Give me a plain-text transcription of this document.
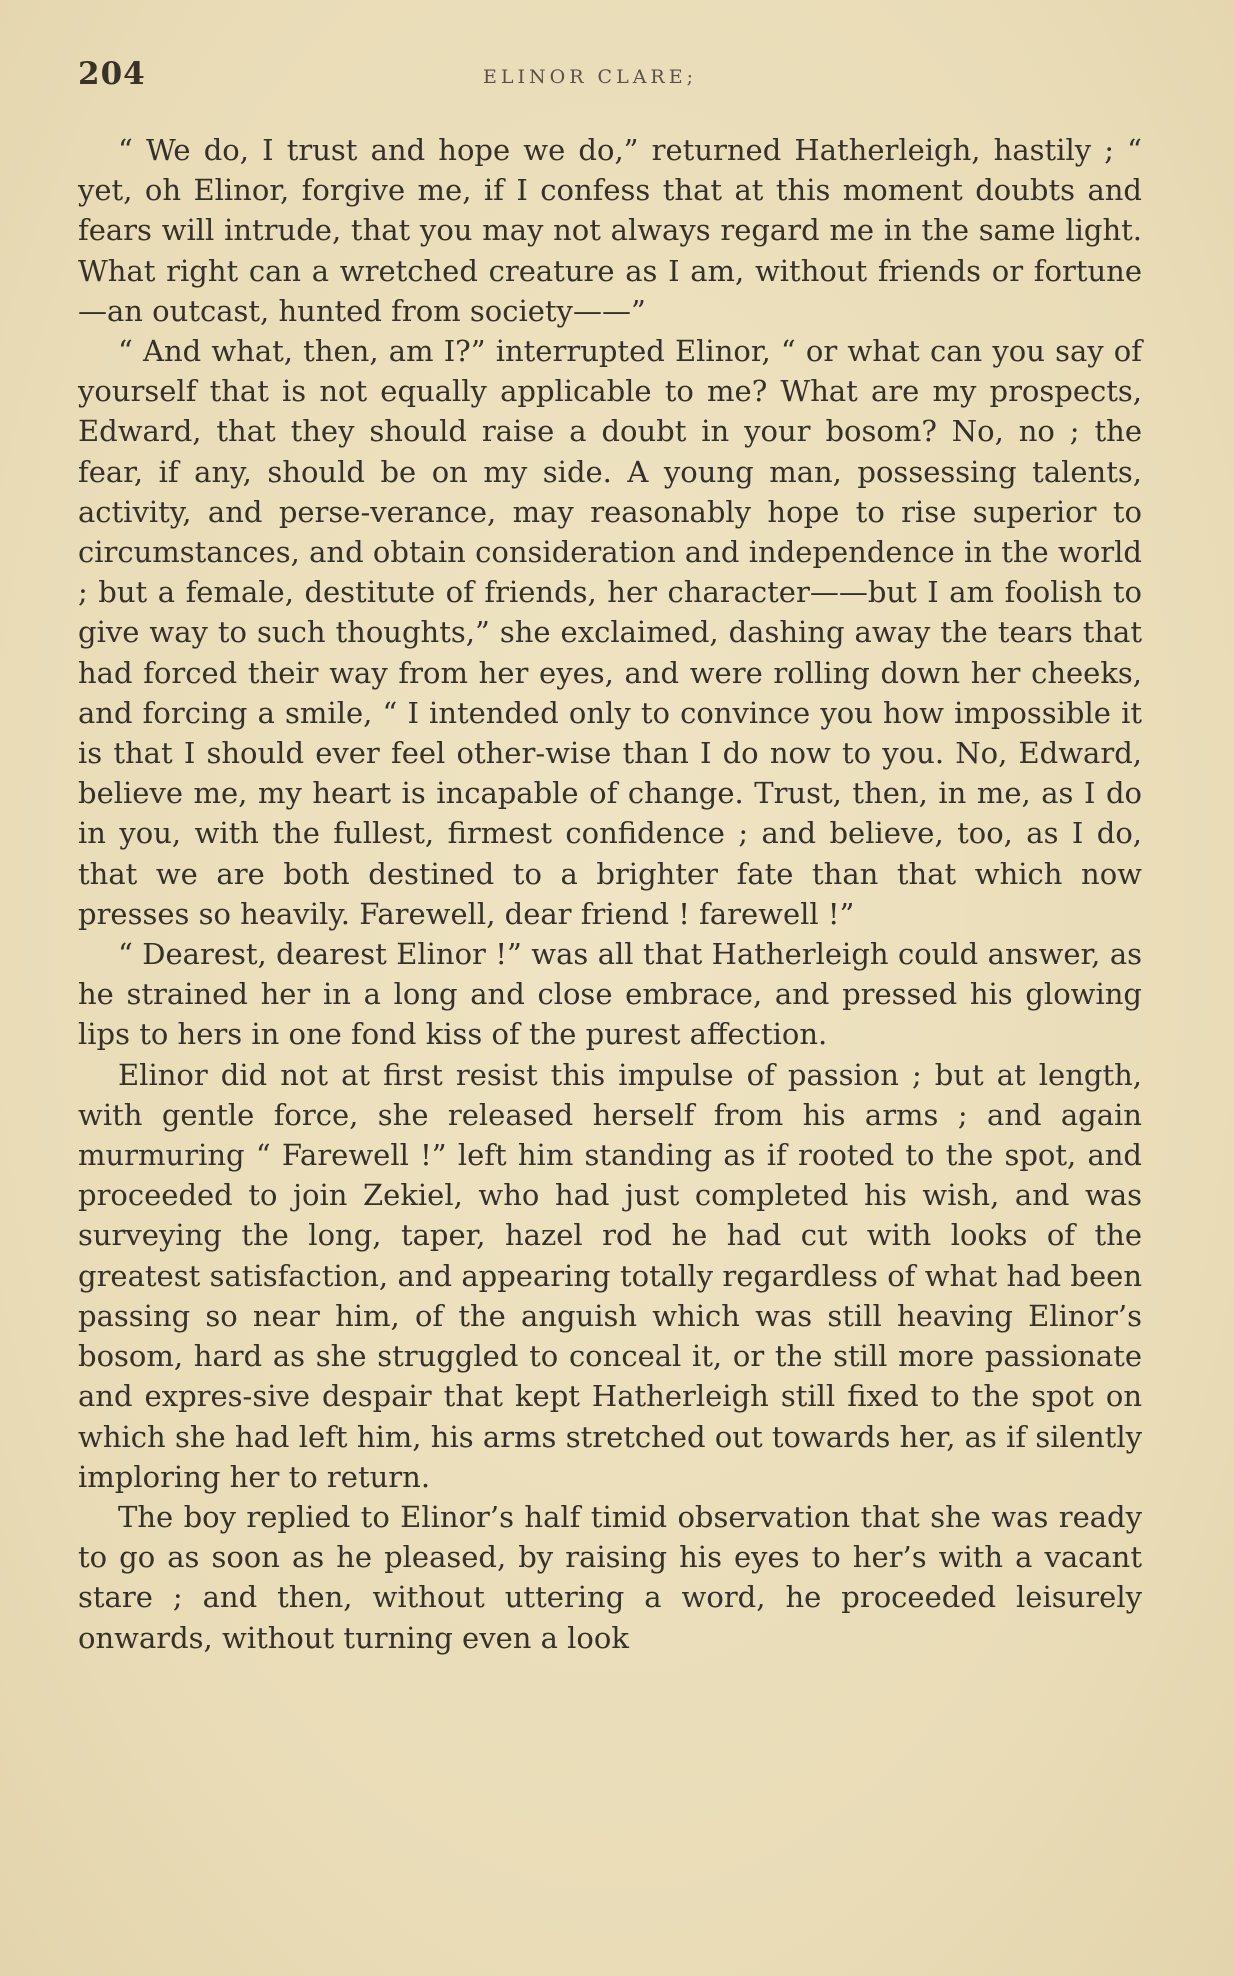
204	ELINOR CLARE;

“ We do, I trust and hope we do,” returned Hatherleigh, hastily ; “ yet, oh Elinor, forgive me, if I confess that at this moment doubts and fears will intrude, that you may not always regard me in the same light. What right can a wretched creature as I am, without friends or fortune—an outcast, hunted from society——”

“ And what, then, am I?” interrupted Elinor, “ or what can you say of yourself that is not equally applicable to me? What are my prospects, Edward, that they should raise a doubt in your bosom? No, no ; the fear, if any, should be on my side. A young man, possessing talents, activity, and perse-verance, may reasonably hope to rise superior to circumstances, and obtain consideration and independence in the world ; but a female, destitute of friends, her character——but I am foolish to give way to such thoughts,” she exclaimed, dashing away the tears that had forced their way from her eyes, and were rolling down her cheeks, and forcing a smile, “ I intended only to convince you how impossible it is that I should ever feel other-wise than I do now to you. No, Edward, believe me, my heart is incapable of change. Trust, then, in me, as I do in you, with the fullest, firmest confidence ; and believe, too, as I do, that we are both destined to a brighter fate than that which now presses so heavily. Farewell, dear friend ! farewell !”

“ Dearest, dearest Elinor !” was all that Hatherleigh could answer, as he strained her in a long and close embrace, and pressed his glowing lips to hers in one fond kiss of the purest affection.

Elinor did not at first resist this impulse of passion ; but at length, with gentle force, she released herself from his arms ; and again murmuring “ Farewell !” left him standing as if rooted to the spot, and proceeded to join Zekiel, who had just completed his wish, and was surveying the long, taper, hazel rod he had cut with looks of the greatest satisfaction, and appearing totally regardless of what had been passing so near him, of the anguish which was still heaving Elinor’s bosom, hard as she struggled to conceal it, or the still more passionate and expres-sive despair that kept Hatherleigh still fixed to the spot on which she had left him, his arms stretched out towards her, as if silently imploring her to return.

The boy replied to Elinor’s half timid observation that she was ready to go as soon as he pleased, by raising his eyes to her’s with a vacant stare ; and then, without uttering a word, he proceeded leisurely onwards, without turning even a look
